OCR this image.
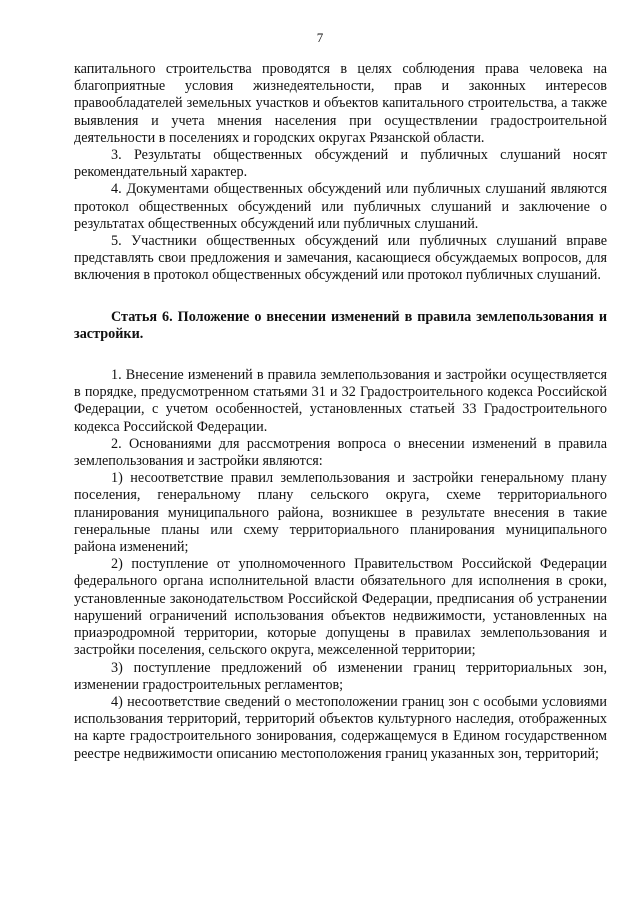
7

капитального строительства проводятся в целях соблюдения права человека на благоприятные условия жизнедеятельности, прав и законных интересов правообладателей земельных участков и объектов капитального строительства, а также выявления и учета мнения населения при осуществлении градостроительной деятельности в поселениях и городских округах Рязанской области.

3. Результаты общественных обсуждений и публичных слушаний носят рекомендательный характер.

4. Документами общественных обсуждений или публичных слушаний являются протокол общественных обсуждений или публичных слушаний и заключение о результатах общественных обсуждений или публичных слушаний.

5. Участники общественных обсуждений или публичных слушаний вправе представлять свои предложения и замечания, касающиеся обсуждаемых вопросов, для включения в протокол общественных обсуждений или протокол публичных слушаний.

Статья 6. Положение о внесении изменений в правила землепользования и застройки.

1. Внесение изменений в правила землепользования и застройки осуществляется в порядке, предусмотренном статьями 31 и 32 Градостроительного кодекса Российской Федерации, с учетом особенностей, установленных статьей 33 Градостроительного кодекса Российской Федерации.

2. Основаниями для рассмотрения вопроса о внесении изменений в правила землепользования и застройки являются:

1) несоответствие правил землепользования и застройки генеральному плану поселения, генеральному плану сельского округа, схеме территориального планирования муниципального района, возникшее в результате внесения в такие генеральные планы или схему территориального планирования муниципального района изменений;

2) поступление от уполномоченного Правительством Российской Федерации федерального органа исполнительной власти обязательного для исполнения в сроки, установленные законодательством Российской Федерации, предписания об устранении нарушений ограничений использования объектов недвижимости, установленных на приаэродромной территории, которые допущены в правилах землепользования и застройки поселения, сельского округа, межселенной территории;

3) поступление предложений об изменении границ территориальных зон, изменении градостроительных регламентов;

4) несоответствие сведений о местоположении границ зон с особыми условиями использования территорий, территорий объектов культурного наследия, отображенных на карте градостроительного зонирования, содержащемуся в Едином государственном реестре недвижимости описанию местоположения границ указанных зон, территорий;
